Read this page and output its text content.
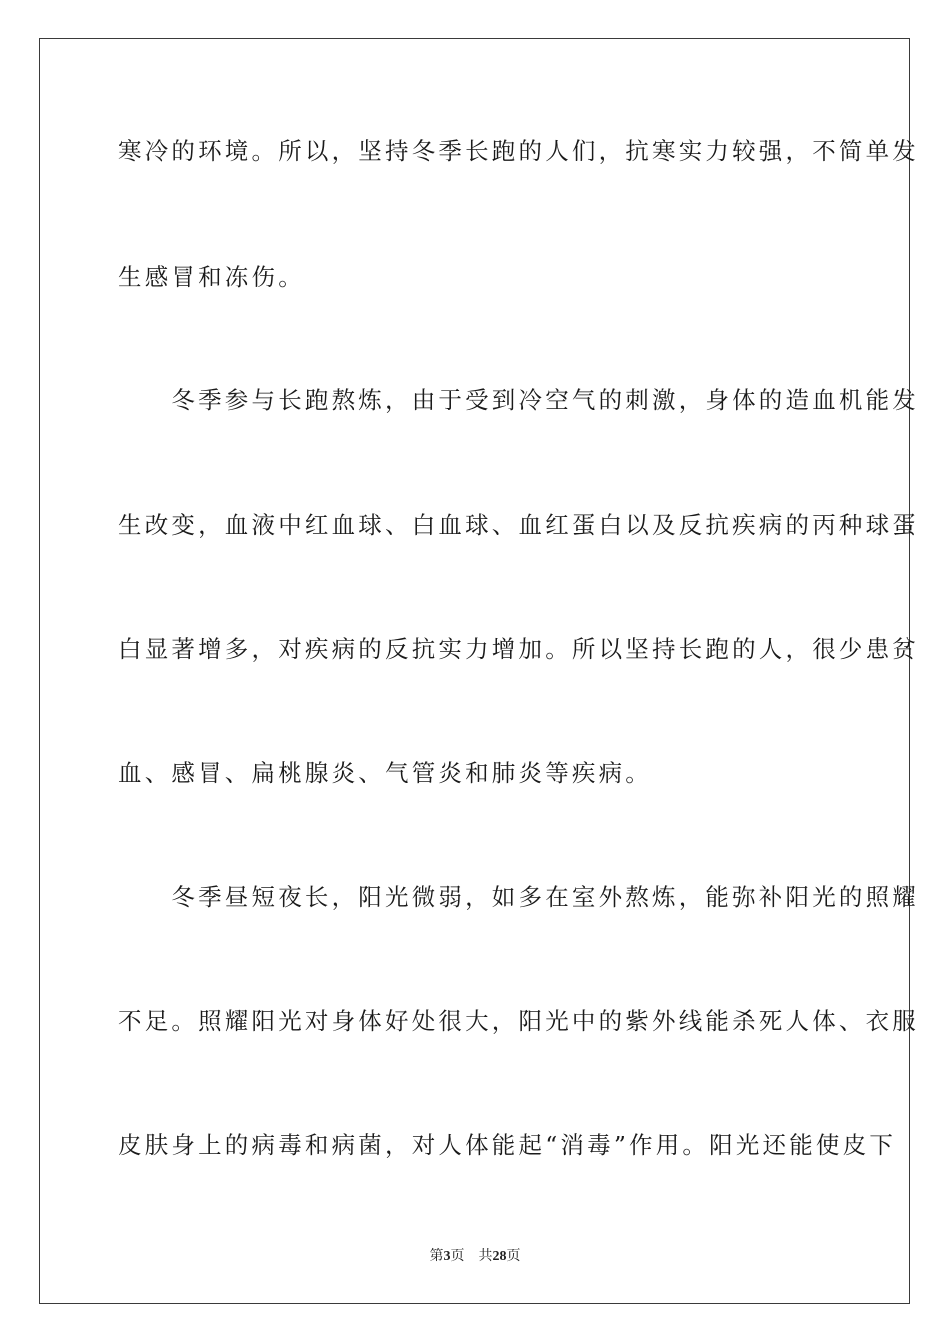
寒冷的环境。所以，坚持冬季长跑的人们，抗寒实力较强，不简单发
生感冒和冻伤。
　　冬季参与长跑熬炼，由于受到冷空气的刺激，身体的造血机能发
生改变，血液中红血球、白血球、血红蛋白以及反抗疾病的丙种球蛋
白显著增多，对疾病的反抗实力增加。所以坚持长跑的人，很少患贫
血、感冒、扁桃腺炎、气管炎和肺炎等疾病。
　　冬季昼短夜长，阳光微弱，如多在室外熬炼，能弥补阳光的照耀
不足。照耀阳光对身体好处很大，阳光中的紫外线能杀死人体、衣服
皮肤身上的病毒和病菌，对人体能起“消毒”作用。阳光还能使皮下
第3页 共28页
